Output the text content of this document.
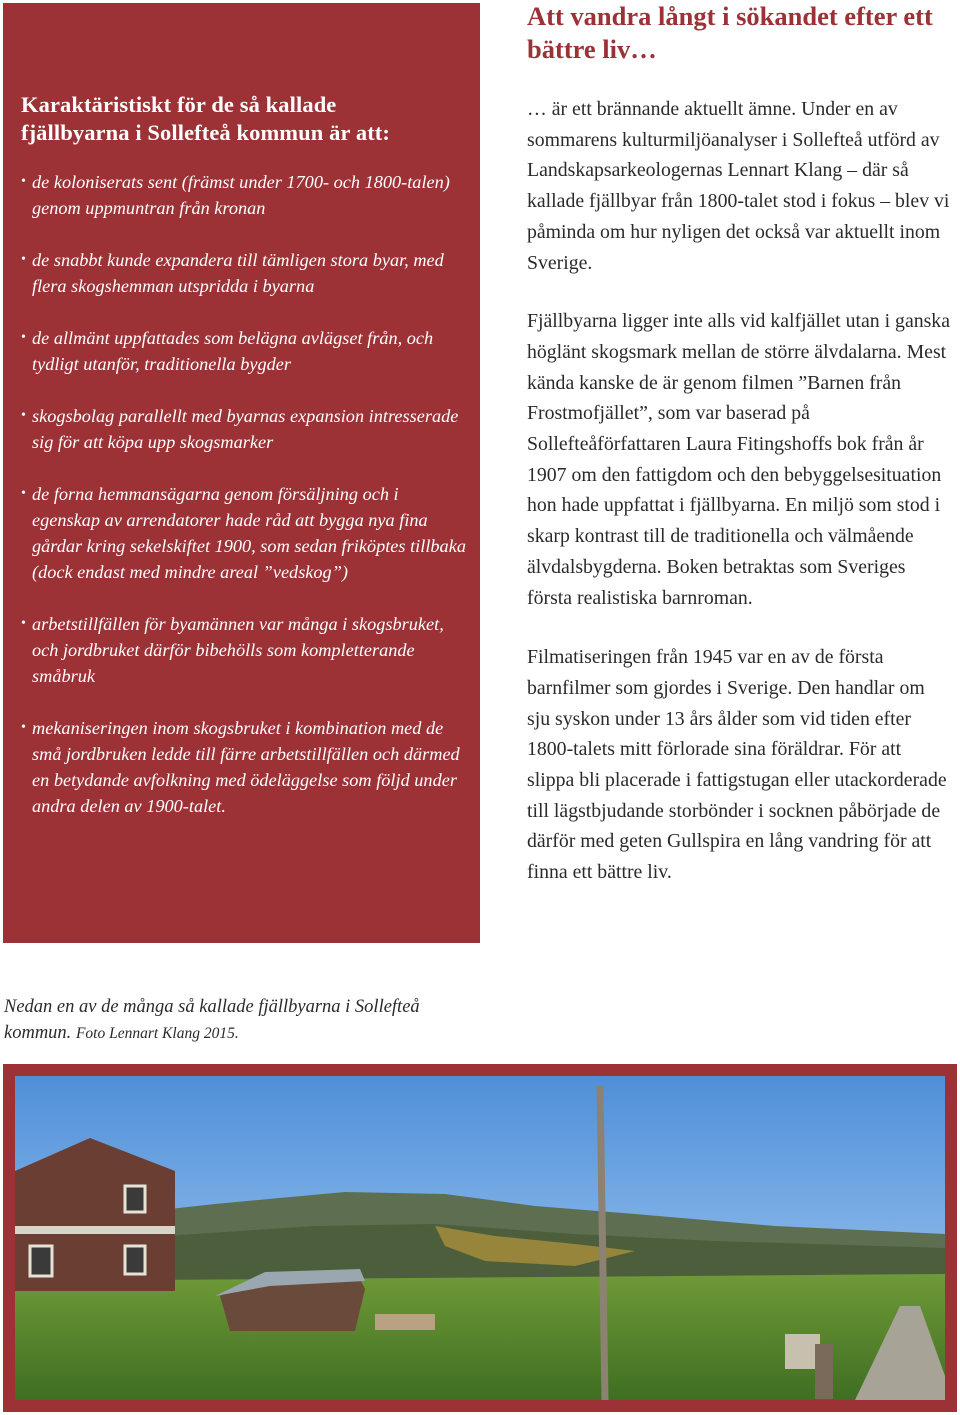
Karaktäristiskt för de så kallade
fjällbyarna i Sollefteå kommun är att:
• de koloniserats sent (främst under 1700- och 1800-talen) genom uppmuntran från kronan
• de snabbt kunde expandera till tämligen stora byar, med flera skogshemman utspridda i byarna
• de allmänt uppfattades som belägna avlägset från, och tydligt utanför, traditionella bygder
• skogsbolag parallellt med byarnas expansion intresserade sig för att köpa upp skogsmarker
• de forna hemmansägarna genom försäljning och i egenskap av arrendatorer hade råd att bygga nya fina gårdar kring sekelskiftet 1900, som sedan friköptes tillbaka (dock endast med mindre areal ”vedskog”)
• arbetstillfällen för byamännen var många i skogsbruket, och jordbruket därför bibehölls som kompletterande småbruk
• mekaniseringen inom skogsbruket i kombination med de små jordbruken ledde till färre arbetstillfällen och därmed en betydande avfolkning med ödeläggelse som följd under andra delen av 1900-talet.
Nedan en av de många så kallade fjällbyarna i Sollefteå kommun. Foto Lennart Klang 2015.
Att vandra långt i sökandet efter ett bättre liv…

… är ett brännande aktuellt ämne. Under en av sommarens kulturmiljöanalyser i Sollefteå utförd av Landskapsarkeologernas Lennart Klang – där så kallade fjällbyar från 1800-talet stod i fokus – blev vi påminda om hur nyligen det också var aktuellt inom Sverige.

Fjällbyarna ligger inte alls vid kalfjället utan i ganska höglänt skogsmark mellan de större älvdalarna. Mest kända kanske de är genom filmen ”Barnen från Frostmofjället”, som var baserad på Sollefteåförfattaren Laura Fitingshoffs bok från år 1907 om den fattigdom och den bebyggelsesituation hon hade uppfattat i fjällbyarna. En miljö som stod i skarp kontrast till de traditionella och välmående älvdalsbygderna. Boken betraktas som Sveriges första realistiska barnroman.

Filmatiseringen från 1945 var en av de första barnfilmer som gjordes i Sverige. Den handlar om sju syskon under 13 års ålder som vid tiden efter 1800-talets mitt förlorade sina föräldrar. För att slippa bli placerade i fattigstugan eller utackorderade till lägstbjudande storbönder i socknen påbörjade de därför med geten Gullspira en lång vandring för att finna ett bättre liv.
